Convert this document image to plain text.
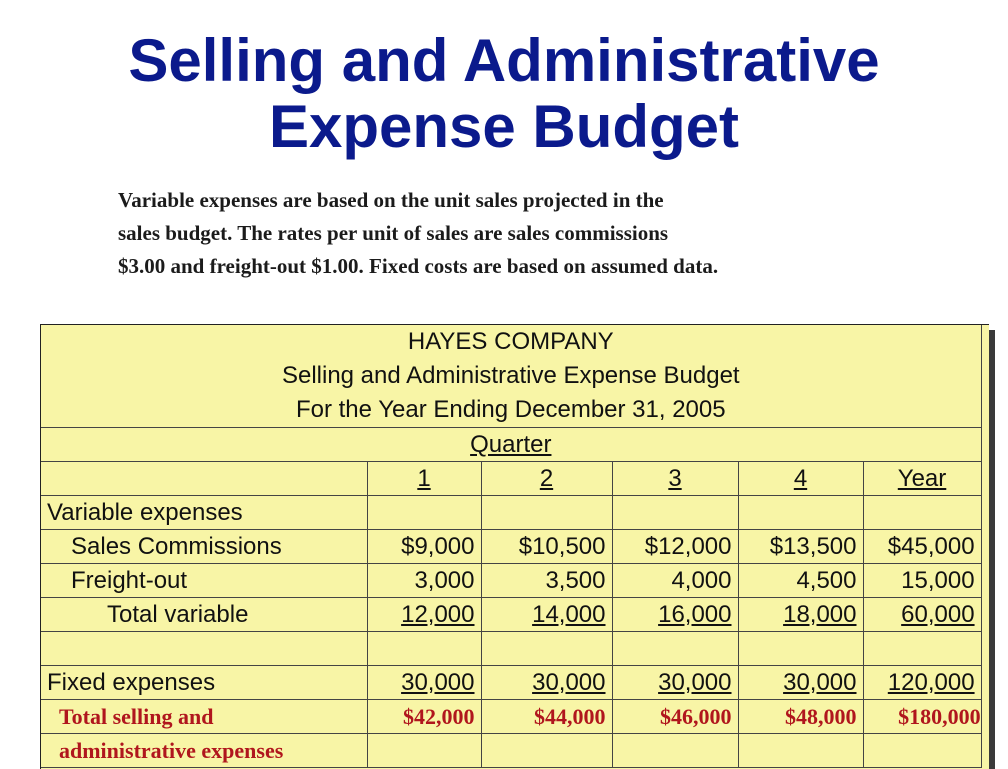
Selling and Administrative
Expense Budget

Variable expenses are based on the unit sales projected in the
sales budget. The rates per unit of sales are sales commissions
$3.00 and freight-out $1.00. Fixed costs are based on assumed data.

HAYES COMPANY
Selling and Administrative Expense Budget
For the Year Ending December 31, 2005					

Quarter					
	1	2	3	4	Year
Variable expenses					
Sales Commissions	$9,000	$10,500	$12,000	$13,500	$45,000
Freight-out	3,000	3,500	4,000	4,500	15,000
Total variable	12,000	14,000	16,000	18,000	60,000

Fixed expenses	30,000	30,000	30,000	30,000	120,000
Total selling and	$42,000	$44,000	$46,000	$48,000	$180,000
administrative expenses					
